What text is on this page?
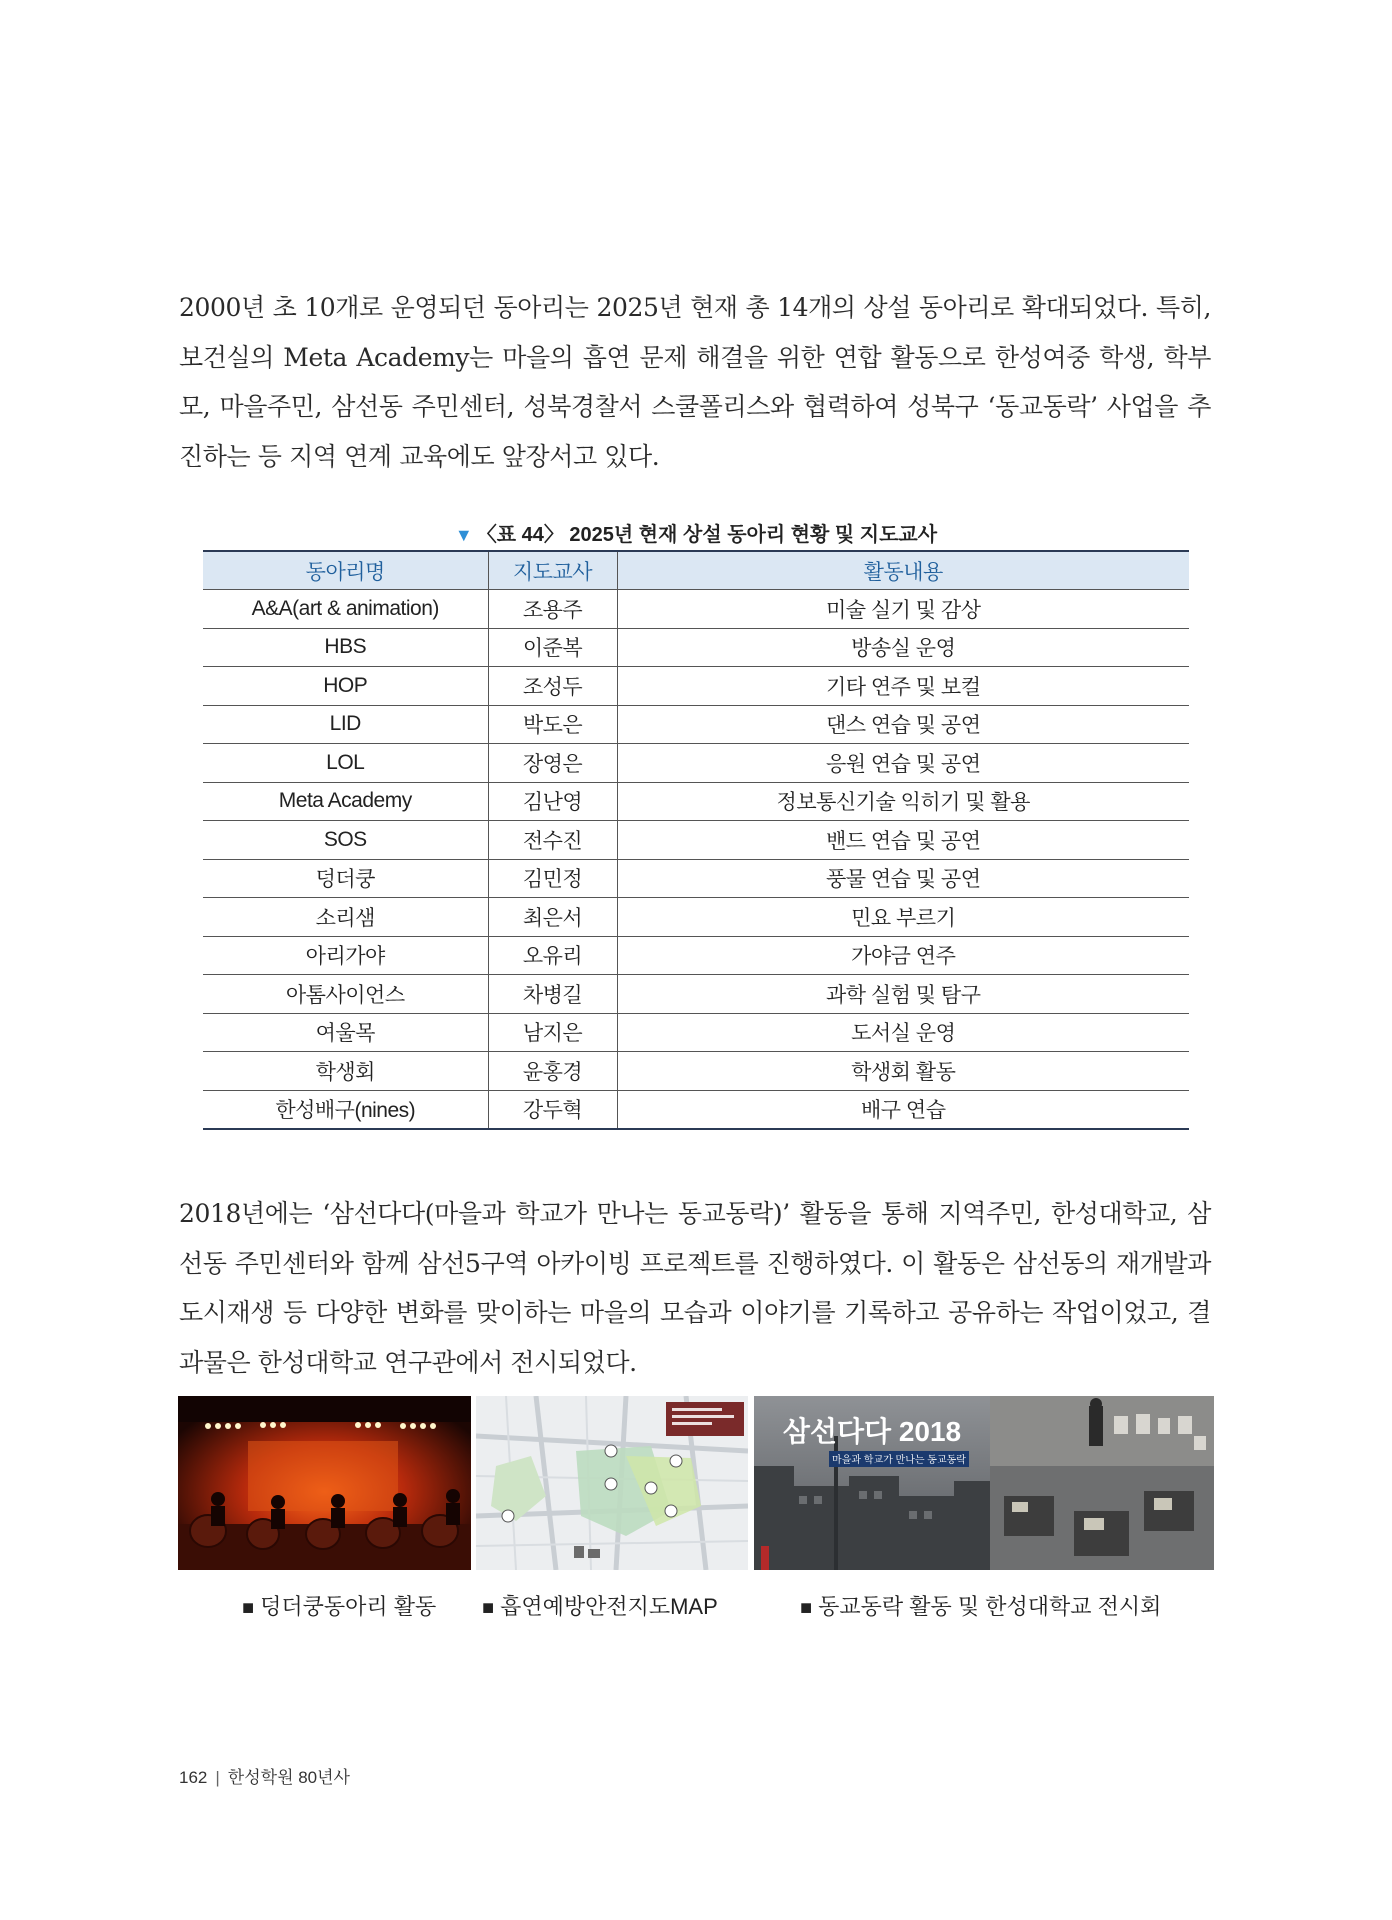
2000년 초 10개로 운영되던 동아리는 2025년 현재 총 14개의 상설 동아리로 확대되었다. 특히, 보건실의 Meta Academy는 마을의 흡연 문제 해결을 위한 연합 활동으로 한성여중 학생, 학부모, 마을주민, 삼선동 주민센터, 성북경찰서 스쿨폴리스와 협력하여 성북구 ‘동교동락’ 사업을 추진하는 등 지역 연계 교육에도 앞장서고 있다.

▼ 〈표 44〉 2025년 현재 상설 동아리 현황 및 지도교사
동아리명	지도교사	활동내용
A&A(art & animation)	조용주	미술 실기 및 감상
HBS	이준복	방송실 운영
HOP	조성두	기타 연주 및 보컬
LID	박도은	댄스 연습 및 공연
LOL	장영은	응원 연습 및 공연
Meta Academy	김난영	정보통신기술 익히기 및 활용
SOS	전수진	밴드 연습 및 공연
덩더쿵	김민정	풍물 연습 및 공연
소리샘	최은서	민요 부르기
아리가야	오유리	가야금 연주
아톰사이언스	차병길	과학 실험 및 탐구
여울목	남지은	도서실 운영
학생회	윤홍경	학생회 활동
한성배구(nines)	강두혁	배구 연습

2018년에는 ‘삼선다다(마을과 학교가 만나는 동교동락)’ 활동을 통해 지역주민, 한성대학교, 삼선동 주민센터와 함께 삼선5구역 아카이빙 프로젝트를 진행하였다. 이 활동은 삼선동의 재개발과 도시재생 등 다양한 변화를 맞이하는 마을의 모습과 이야기를 기록하고 공유하는 작업이었고, 결과물은 한성대학교 연구관에서 전시되었다.

삼선다다 2018
마을과 학교가 만나는 동교동락
■ 덩더쿵동아리 활동 ■ 흡연예방안전지도MAP	■ 동교동락 활동 및 한성대학교 전시회
162 | 한성학원 80년사
